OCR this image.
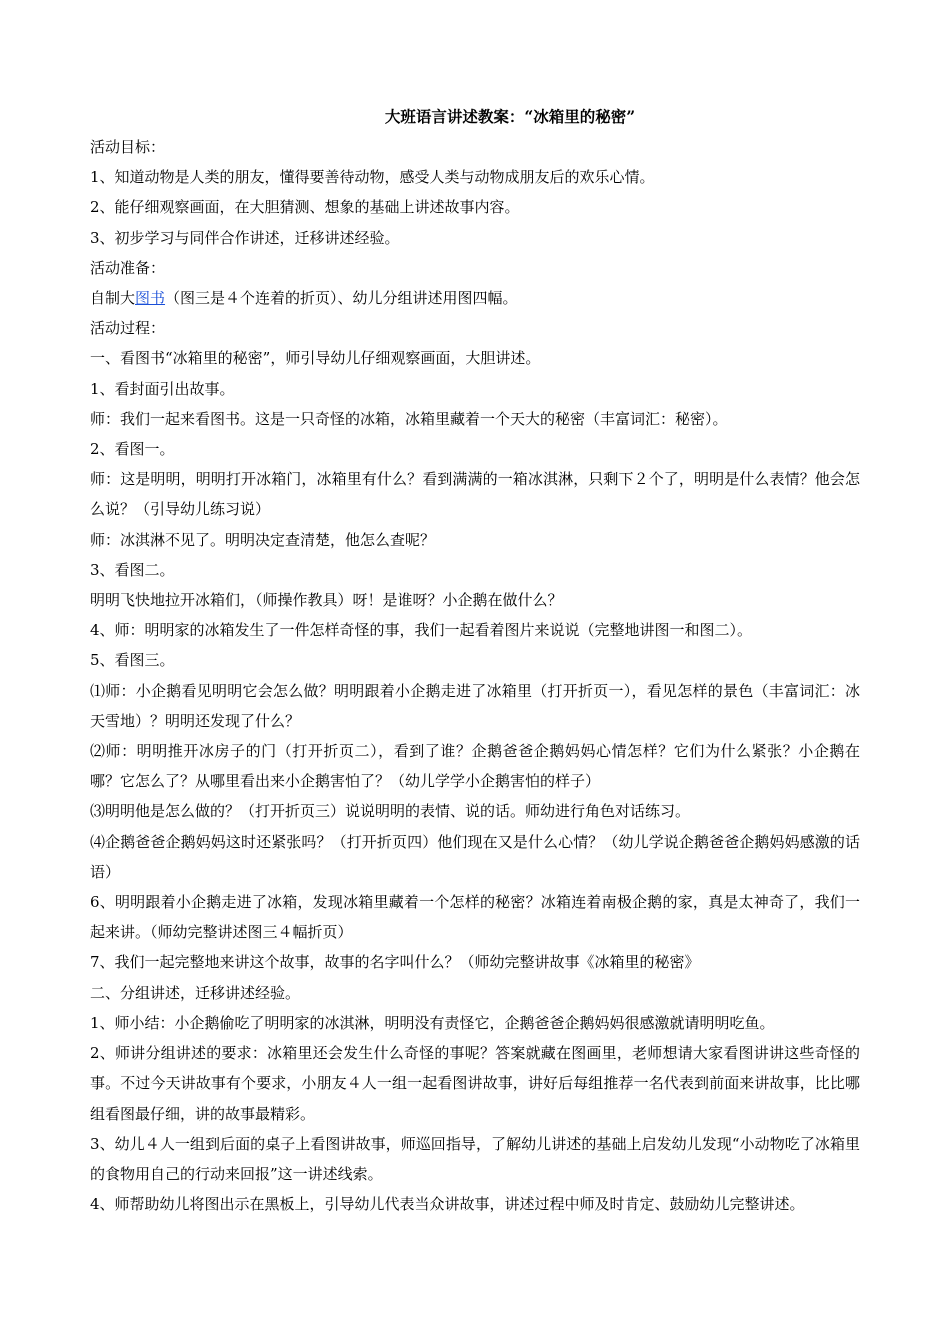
大班语言讲述教案：“冰箱里的秘密”

活动目标：

1、知道动物是人类的朋友，懂得要善待动物，感受人类与动物成朋友后的欢乐心情。

2、能仔细观察画面，在大胆猜测、想象的基础上讲述故事内容。

3、初步学习与同伴合作讲述，迁移讲述经验。

活动准备：

自制大图书（图三是４个连着的折页）、幼儿分组讲述用图四幅。

活动过程：

一、看图书“冰箱里的秘密”，师引导幼儿仔细观察画面，大胆讲述。

1、看封面引出故事。

师：我们一起来看图书。这是一只奇怪的冰箱，冰箱里藏着一个天大的秘密（丰富词汇：秘密）。

2、看图一。

师：这是明明，明明打开冰箱门，冰箱里有什么？看到满满的一箱冰淇淋，只剩下２个了，明明是什么表情？他会怎么说？（引导幼儿练习说）

师：冰淇淋不见了。明明决定查清楚，他怎么查呢？

3、看图二。

明明飞快地拉开冰箱们，（师操作教具）呀！是谁呀？小企鹅在做什么？

4、师：明明家的冰箱发生了一件怎样奇怪的事，我们一起看着图片来说说（完整地讲图一和图二）。

5、看图三。

⑴师：小企鹅看见明明它会怎么做？明明跟着小企鹅走进了冰箱里（打开折页一），看见怎样的景色（丰富词汇：冰天雪地）？明明还发现了什么？

⑵师：明明推开冰房子的门（打开折页二），看到了谁？企鹅爸爸企鹅妈妈心情怎样？它们为什么紧张？小企鹅在哪？它怎么了？从哪里看出来小企鹅害怕了？（幼儿学学小企鹅害怕的样子）

⑶明明他是怎么做的？（打开折页三）说说明明的表情、说的话。师幼进行角色对话练习。

⑷企鹅爸爸企鹅妈妈这时还紧张吗？（打开折页四）他们现在又是什么心情？（幼儿学说企鹅爸爸企鹅妈妈感激的话语）

6、明明跟着小企鹅走进了冰箱，发现冰箱里藏着一个怎样的秘密？冰箱连着南极企鹅的家，真是太神奇了，我们一起来讲。（师幼完整讲述图三４幅折页）

7、我们一起完整地来讲这个故事，故事的名字叫什么？（师幼完整讲故事《冰箱里的秘密》

二、分组讲述，迁移讲述经验。

1、师小结：小企鹅偷吃了明明家的冰淇淋，明明没有责怪它，企鹅爸爸企鹅妈妈很感激就请明明吃鱼。

2、师讲分组讲述的要求：冰箱里还会发生什么奇怪的事呢？答案就藏在图画里，老师想请大家看图讲讲这些奇怪的事。不过今天讲故事有个要求，小朋友４人一组一起看图讲故事，讲好后每组推荐一名代表到前面来讲故事，比比哪组看图最仔细，讲的故事最精彩。

3、幼儿４人一组到后面的桌子上看图讲故事，师巡回指导，了解幼儿讲述的基础上启发幼儿发现“小动物吃了冰箱里的食物用自己的行动来回报”这一讲述线索。

4、师帮助幼儿将图出示在黑板上，引导幼儿代表当众讲故事，讲述过程中师及时肯定、鼓励幼儿完整讲述。
